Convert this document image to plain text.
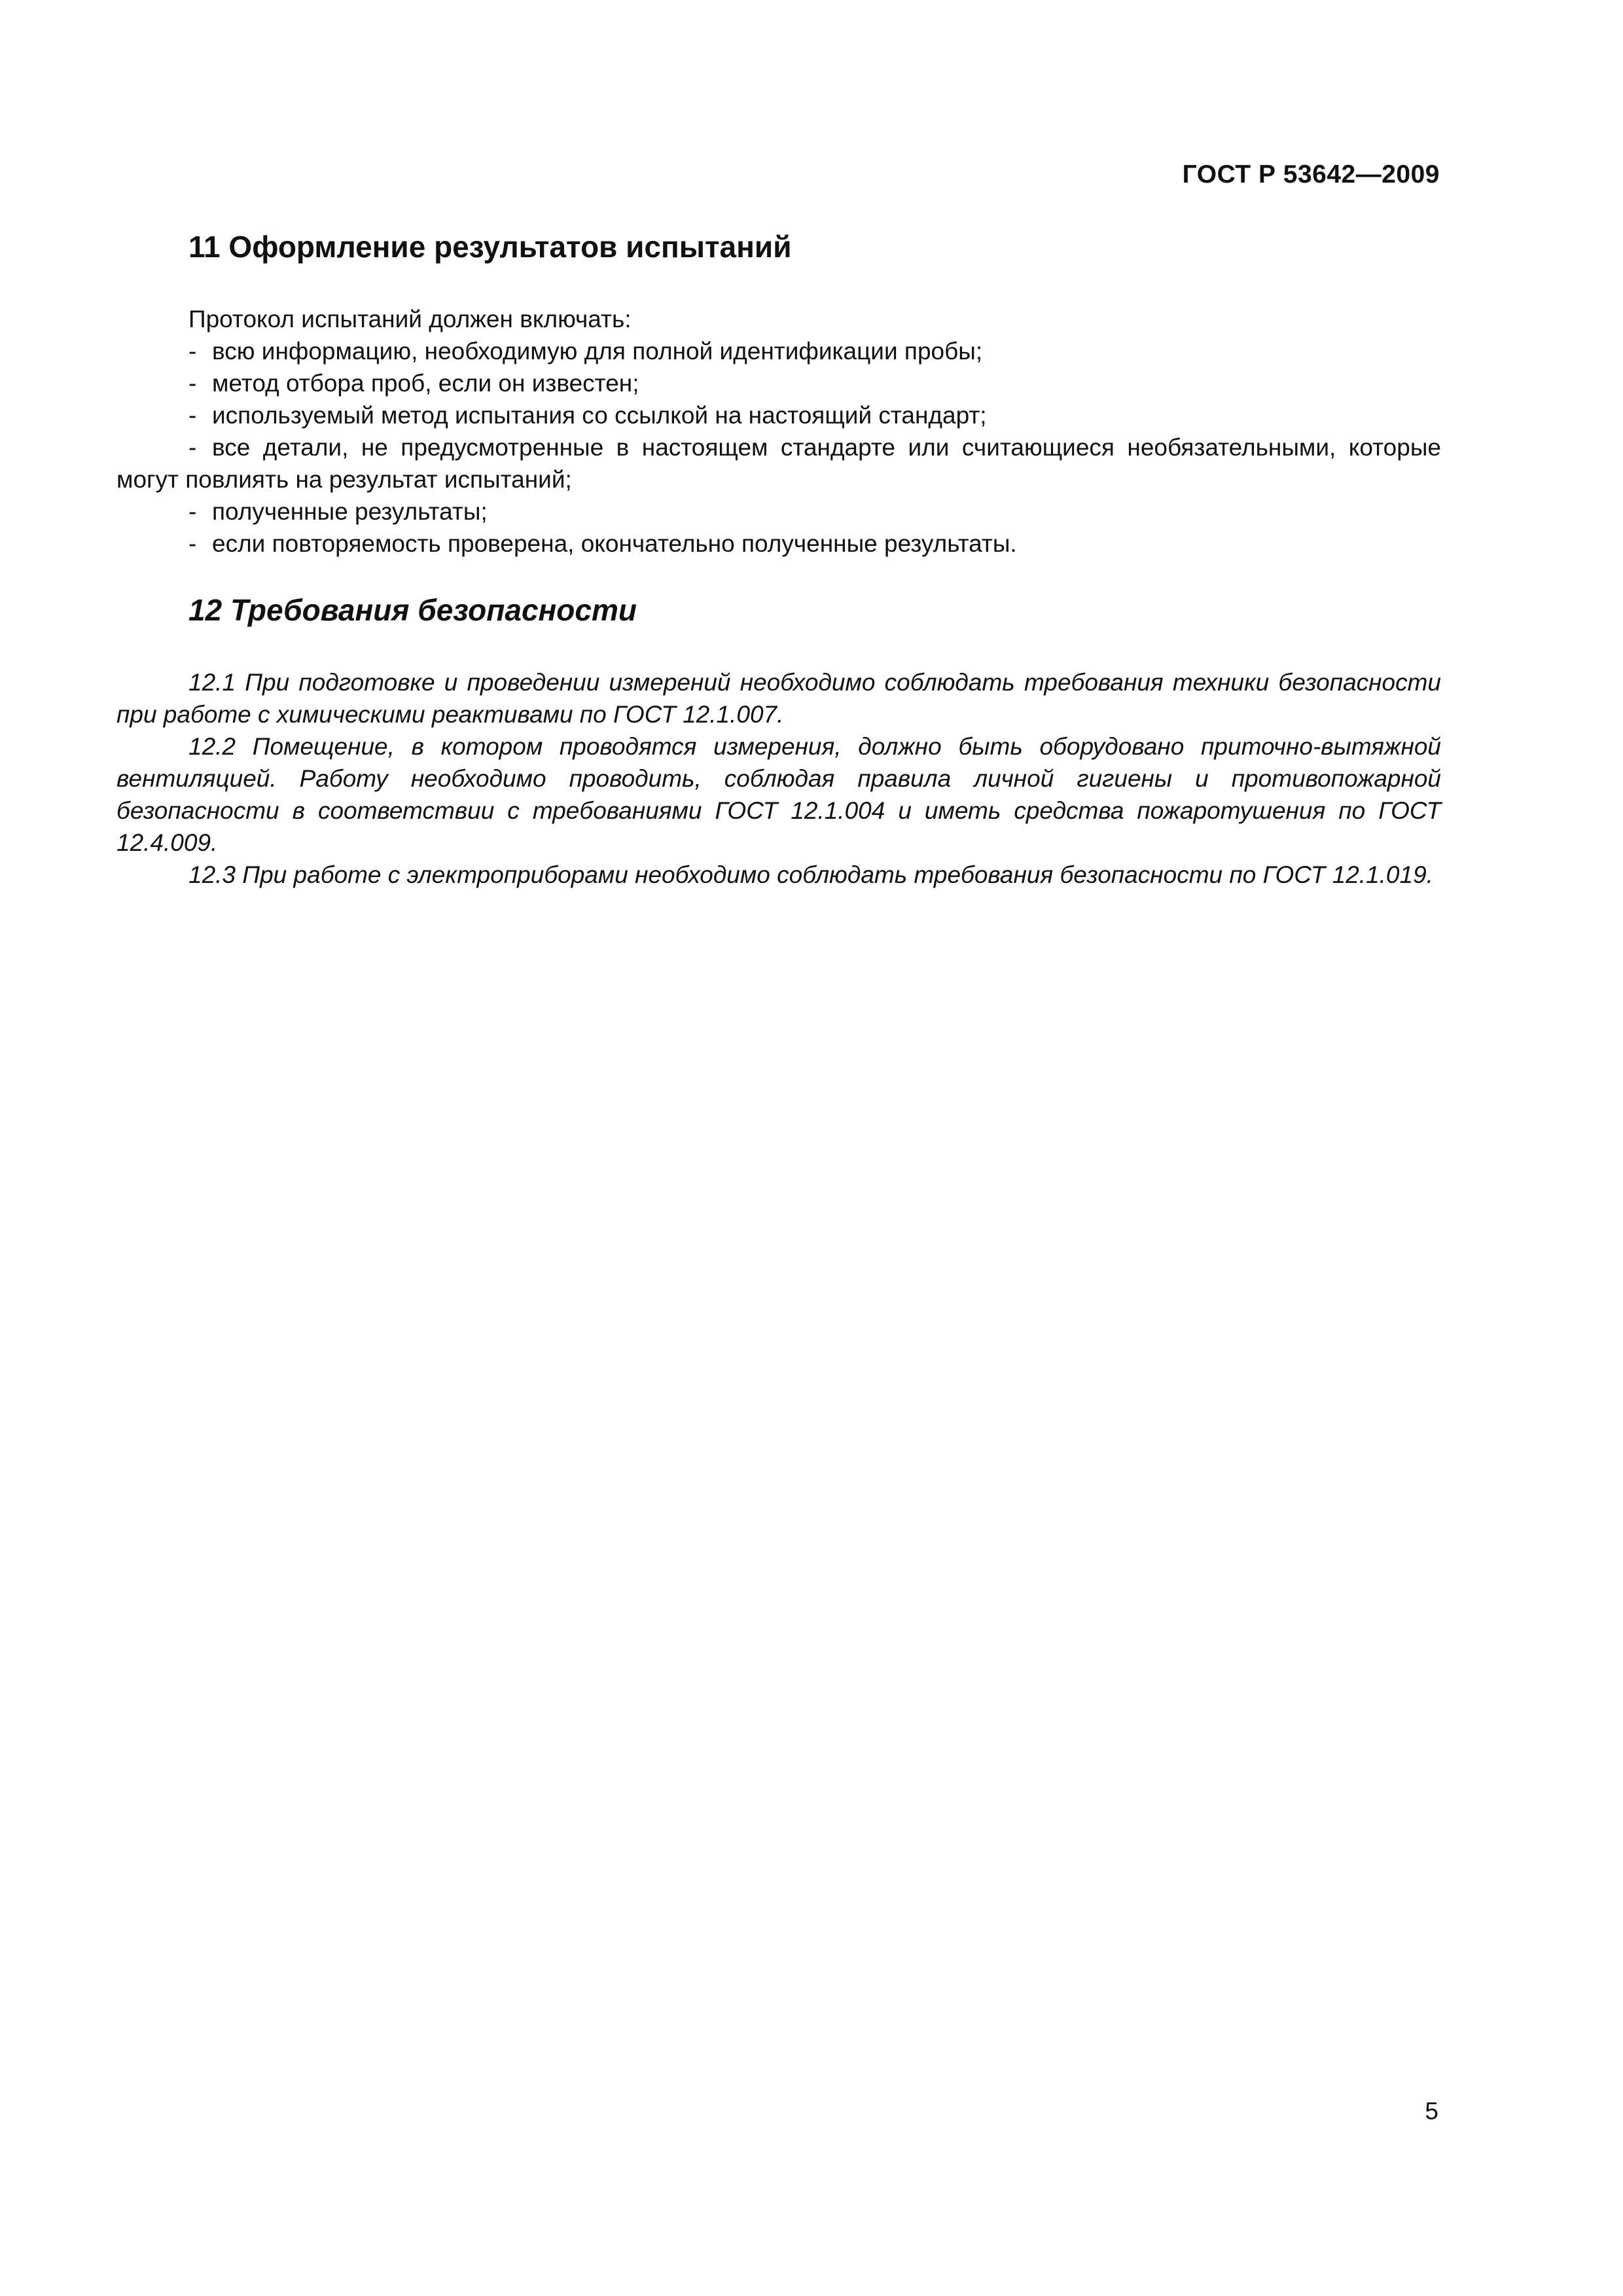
ГОСТ Р 53642—2009
11 Оформление результатов испытаний

Протокол испытаний должен включать:

- всю информацию, необходимую для полной идентификации пробы;
- метод отбора проб, если он известен;
- используемый метод испытания со ссылкой на настоящий стандарт;
- все детали, не предусмотренные в настоящем стандарте или считающиеся необязательными, которые могут повлиять на результат испытаний;
- полученные результаты;
- если повторяемость проверена, окончательно полученные результаты.
12 Требования безопасности

12.1 При подготовке и проведении измерений необходимо соблюдать требования техники безопасности при работе с химическими реактивами по ГОСТ 12.1.007.

12.2 Помещение, в котором проводятся измерения, должно быть оборудовано приточно-вытяжной вентиляцией. Работу необходимо проводить, соблюдая правила личной гигиены и противопожарной безопасности в соответствии с требованиями ГОСТ 12.1.004 и иметь средства пожаротушения по ГОСТ 12.4.009.

12.3 При работе с электроприборами необходимо соблюдать требования безопасности по ГОСТ 12.1.019.

5
